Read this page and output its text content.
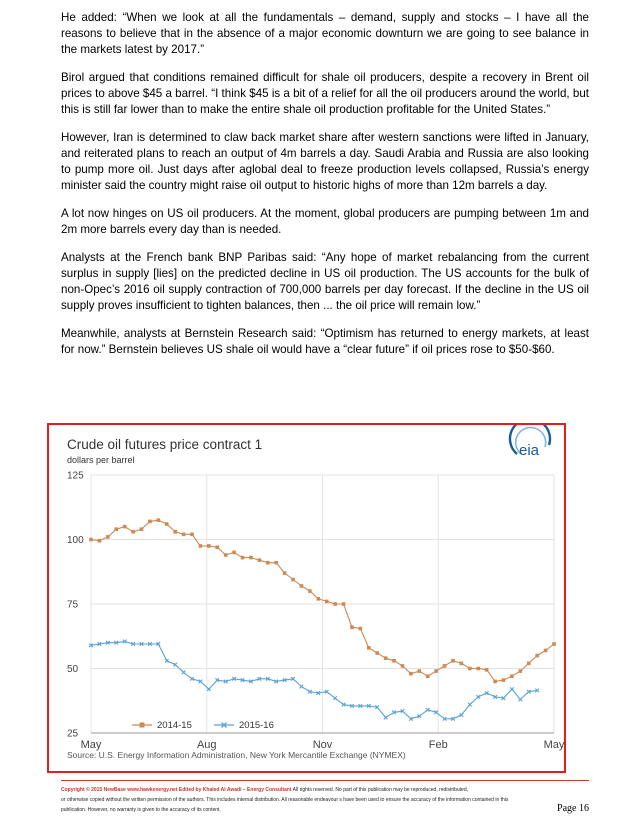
He added: “When we look at all the fundamentals – demand, supply and stocks – I have all the reasons to believe that in the absence of a major economic downturn we are going to see balance in the markets latest by 2017.”

Birol argued that conditions remained difficult for shale oil producers, despite a recovery in Brent oil prices to above $45 a barrel. “I think $45 is a bit of a relief for all the oil producers around the world, but this is still far lower than to make the entire shale oil production profitable for the United States.”

However, Iran is determined to claw back market share after western sanctions were lifted in January, and reiterated plans to reach an output of 4m barrels a day. Saudi Arabia and Russia are also looking to pump more oil. Just days after aglobal deal to freeze production levels collapsed, Russia’s energy minister said the country might raise oil output to historic highs of more than 12m barrels a day.

A lot now hinges on US oil producers. At the moment, global producers are pumping between 1m and 2m more barrels every day than is needed.

Analysts at the French bank BNP Paribas said: “Any hope of market rebalancing from the current surplus in supply [lies] on the predicted decline in US oil production. The US accounts for the bulk of non-Opec’s 2016 oil supply contraction of 700,000 barrels per day forecast. If the decline in the US oil supply proves insufficient to tighten balances, then ... the oil price will remain low.”

Meanwhile, analysts at Bernstein Research said: “Optimism has returned to energy markets, at least for now.” Bernstein believes US shale oil would have a “clear future” if oil prices rose to $50-$60.

Crude oil futures price contract 1
dollars per barrel
eia
25
50
75
100
125
May	Aug	Nov	Feb	May
2014-15	2015-16
Source: U.S. Energy Information Administration, New York Mercantile Exchange (NYMEX)
Copyright © 2015 NewBase www.hawkenergy.net Edited by Khaled Al Awadi – Energy Consultant All rights reserved. No part of this publication may be reproduced, redistributed,
or otherwise copied without the written permission of the authors. This includes internal distribution. All reasonable endeavour s have been used to ensure the accuracy of the information contained in this
publication. However, no warranty is given to the accuracy of its content.	Page 16
